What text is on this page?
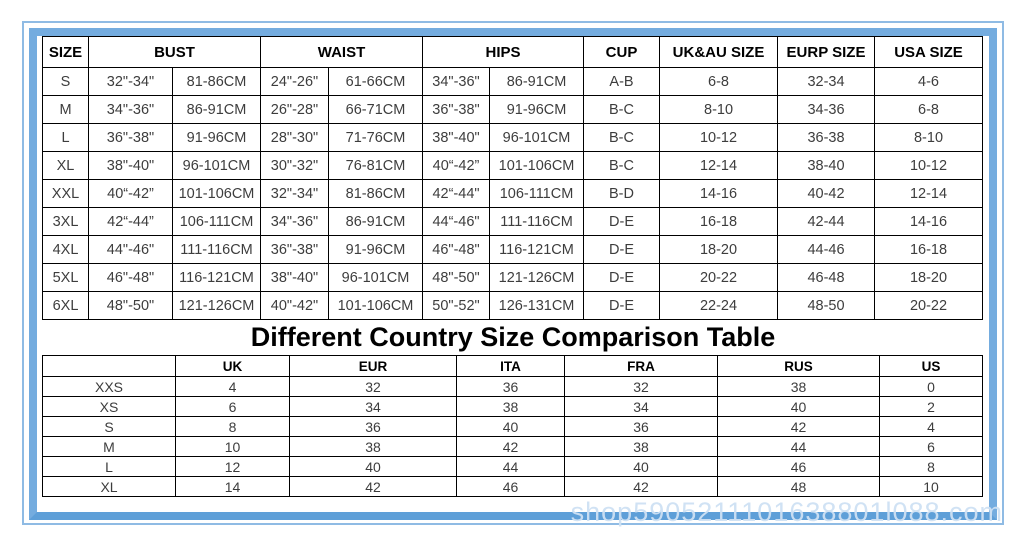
SIZE	BUST		WAIST		HIPS		CUP	UK&AU SIZE	EURP SIZE	USA SIZE
S	32"-34"	81-86CM	24"-26"	61-66CM	34"-36"	86-91CM	A-B	6-8	32-34	4-6
M	34"-36"	86-91CM	26"-28"	66-71CM	36"-38"	91-96CM	B-C	8-10	34-36	6-8
L	36"-38"	91-96CM	28"-30"	71-76CM	38"-40"	96-101CM	B-C	10-12	36-38	8-10
XL	38"-40"	96-101CM	30"-32"	76-81CM	40“-42”	101-106CM	B-C	12-14	38-40	10-12
XXL	40“-42”	101-106CM	32"-34"	81-86CM	42“-44"	106-111CM	B-D	14-16	40-42	12-14
3XL	42“-44”	106-111CM	34"-36"	86-91CM	44“-46"	111-116CM	D-E	16-18	42-44	14-16
4XL	44"-46"	111-116CM	36"-38"	91-96CM	46"-48"	116-121CM	D-E	18-20	44-46	16-18
5XL	46"-48"	116-121CM	38"-40"	96-101CM	48"-50"	121-126CM	D-E	20-22	46-48	18-20
6XL	48"-50"	121-126CM	40"-42"	101-106CM	50"-52"	126-131CM	D-E	22-24	48-50	20-22
Different Country Size Comparison Table
	UK	EUR	ITA	FRA	RUS	US
XXS	4	32	36	32	38	0
XS	6	34	38	34	40	2
S	8	36	40	36	42	4
M	10	38	42	38	44	6
L	12	40	44	40	46	8
XL	14	42	46	42	48	10
shop5905211101638801l088.com
